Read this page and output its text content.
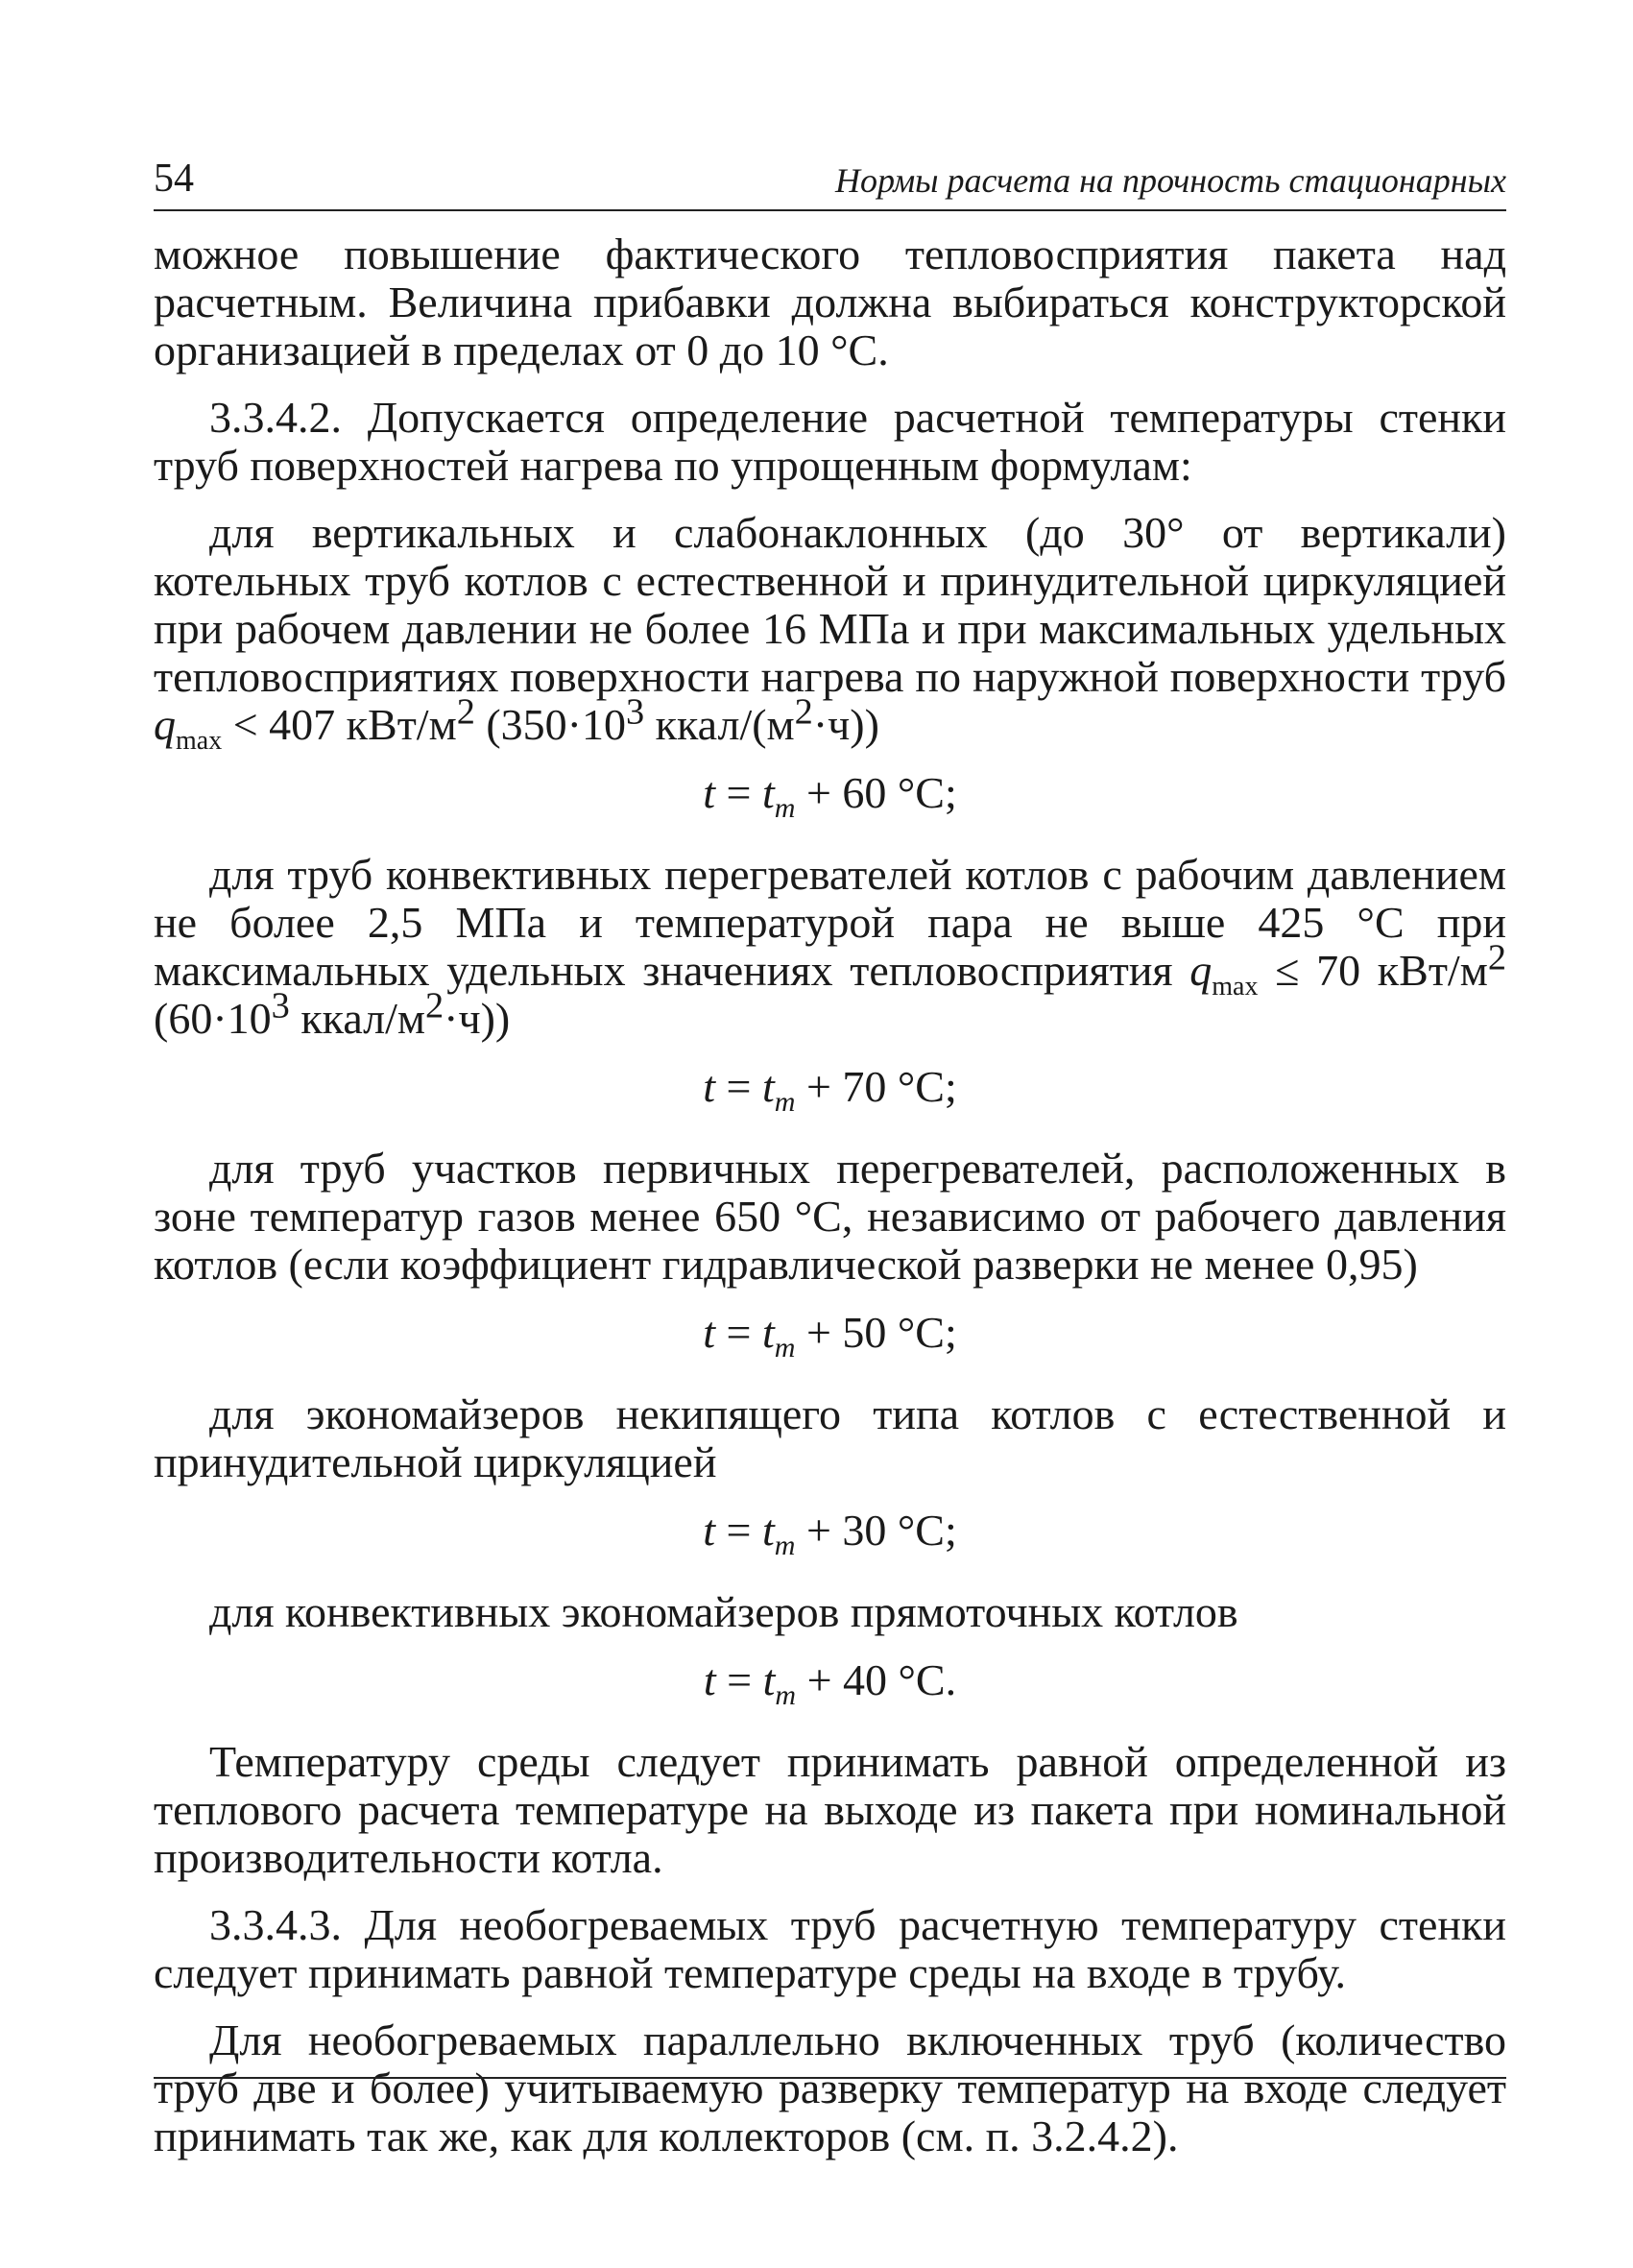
54	Нормы расчета на прочность стационарных

можное повышение фактического тепловосприятия пакета над расчетным. Величина прибавки должна выбираться конструкторской организацией в пределах от 0 до 10 °С.

3.3.4.2. Допускается определение расчетной температуры стенки труб поверхностей нагрева по упрощенным формулам:

для вертикальных и слабонаклонных (до 30° от вертикали) котельных труб котлов с естественной и принудительной циркуляцией при рабочем давлении не более 16 МПа и при максимальных удельных тепловосприятиях поверхности нагрева по наружной поверхности труб $q_{max} < 407$ кВт/$м^2$ ($350\cdot 10^3$ ккал/$(м^2\cdot ч)$)

$t = t_m + 60$ °С;

для труб конвективных перегревателей котлов с рабочим давлением не более 2,5 МПа и температурой пара не выше 425 °С при максимальных удельных значениях тепловосприятия $q_{max} \le 70$ кВт/$м^2$ ($60\cdot 10^3$ ккал/$м^2\cdot ч$))

$t = t_m + 70$ °С;

для труб участков первичных перегревателей, расположенных в зоне температур газов менее 650 °С, независимо от рабочего давления котлов (если коэффициент гидравлической разверки не менее 0,95)

$t = t_m + 50$ °С;

для экономайзеров некипящего типа котлов с естественной и принудительной циркуляцией

$t = t_m + 30$ °С;

для конвективных экономайзеров прямоточных котлов

$t = t_m + 40$ °С.

Температуру среды следует принимать равной определенной из теплового расчета температуре на выходе из пакета при номинальной производительности котла.

3.3.4.3. Для необогреваемых труб расчетную температуру стенки следует принимать равной температуре среды на входе в трубу.

Для необогреваемых параллельно включенных труб (количество труб две и более) учитываемую разверку температур на входе следует принимать так же, как для коллекторов (см. п. 3.2.4.2).
